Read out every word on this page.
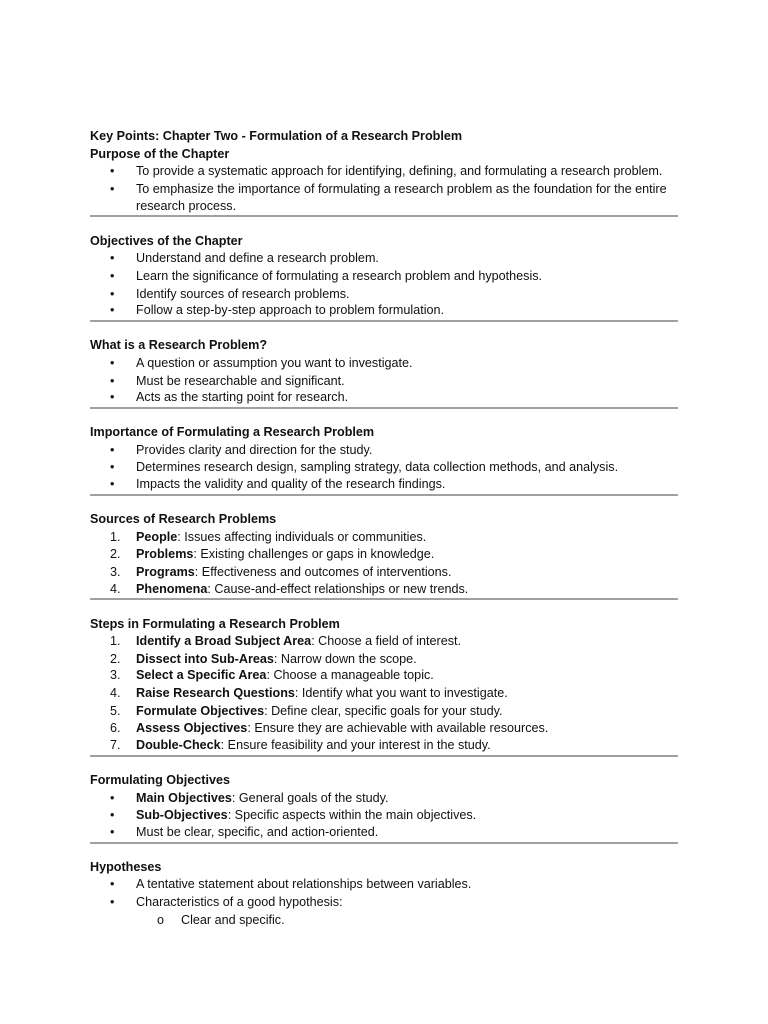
Key Points: Chapter Two - Formulation of a Research Problem
Purpose of the Chapter
•	To provide a systematic approach for identifying, defining, and formulating a research problem.
•	To emphasize the importance of formulating a research problem as the foundation for the entire
research process.
Objectives of the Chapter
•	Understand and define a research problem.
•	Learn the significance of formulating a research problem and hypothesis.
•	Identify sources of research problems.
•	Follow a step-by-step approach to problem formulation.
What is a Research Problem?
•	A question or assumption you want to investigate.
•	Must be researchable and significant.
•	Acts as the starting point for research.
Importance of Formulating a Research Problem
•	Provides clarity and direction for the study.
•	Determines research design, sampling strategy, data collection methods, and analysis.
•	Impacts the validity and quality of the research findings.
Sources of Research Problems
1.	People: Issues affecting individuals or communities.
2.	Problems: Existing challenges or gaps in knowledge.
3.	Programs: Effectiveness and outcomes of interventions.
4.	Phenomena: Cause-and-effect relationships or new trends.
Steps in Formulating a Research Problem
1.	Identify a Broad Subject Area: Choose a field of interest.
2.	Dissect into Sub-Areas: Narrow down the scope.
3.	Select a Specific Area: Choose a manageable topic.
4.	Raise Research Questions: Identify what you want to investigate.
5.	Formulate Objectives: Define clear, specific goals for your study.
6.	Assess Objectives: Ensure they are achievable with available resources.
7.	Double-Check: Ensure feasibility and your interest in the study.
Formulating Objectives
•	Main Objectives: General goals of the study.
•	Sub-Objectives: Specific aspects within the main objectives.
•	Must be clear, specific, and action-oriented.
Hypotheses
•	A tentative statement about relationships between variables.
•	Characteristics of a good hypothesis:
o	Clear and specific.
